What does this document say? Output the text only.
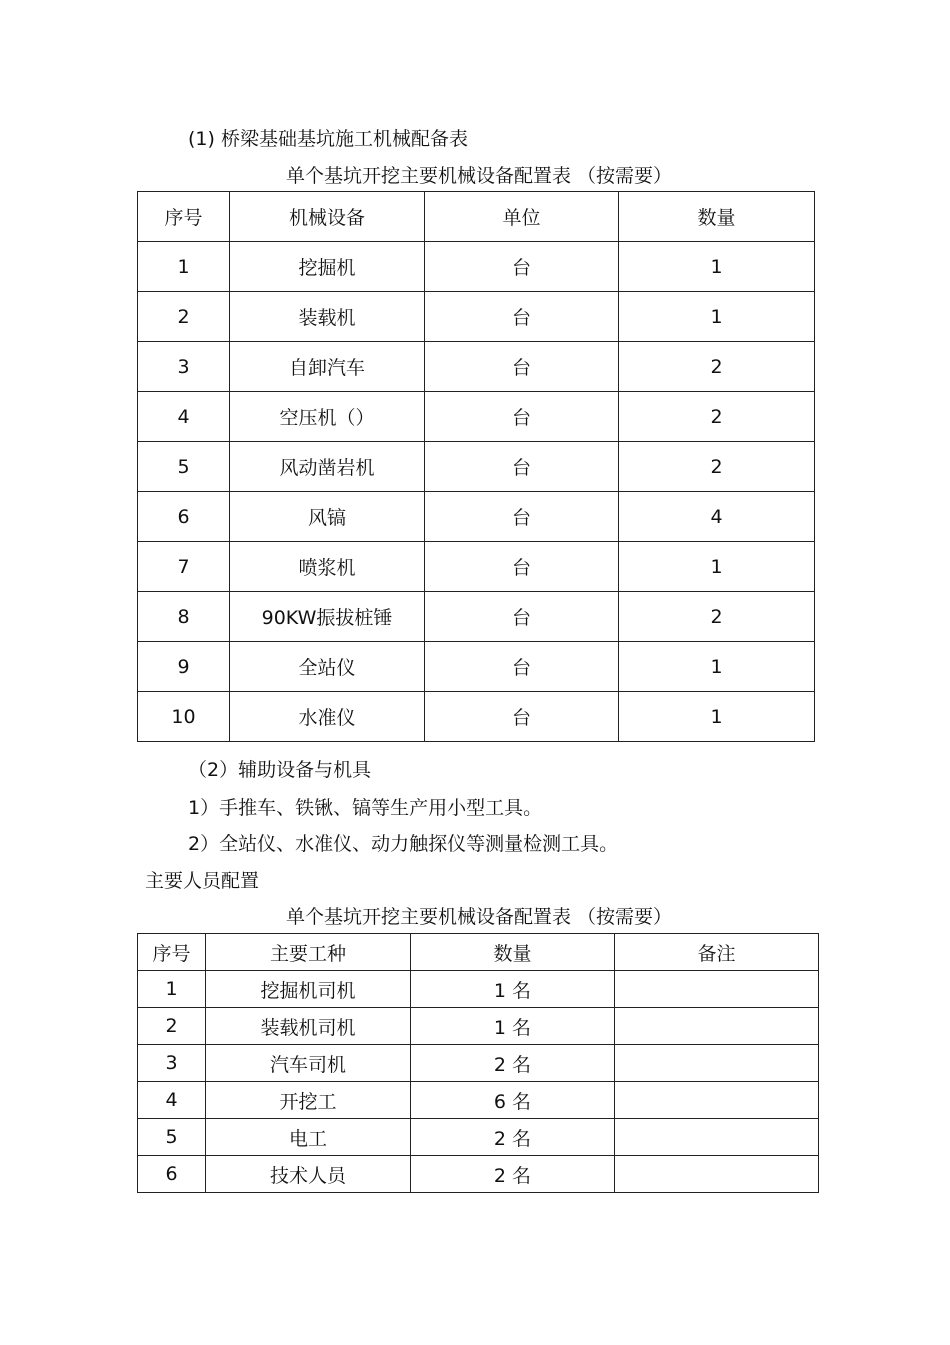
(1) 桥梁基础基坑施工机械配备表
单个基坑开挖主要机械设备配置表 （按需要）
序号	机械设备	单位	数量
1	挖掘机	台	1
2	装载机	台	1
3	自卸汽车	台	2
4	空压机（）	台	2
5	风动凿岩机	台	2
6	风镐	台	4
7	喷浆机	台	1
8	90KW振拔桩锤	台	2
9	全站仪	台	1
10	水准仪	台	1
（2）辅助设备与机具
1）手推车、铁锹、镐等生产用小型工具。
2）全站仪、水准仪、动力触探仪等测量检测工具。
主要人员配置
单个基坑开挖主要机械设备配置表 （按需要）
序号	主要工种	数量	备注
1	挖掘机司机	1 名	
2	装载机司机	1 名	
3	汽车司机	2 名	
4	开挖工	6 名	
5	电工	2 名	
6	技术人员	2 名	
